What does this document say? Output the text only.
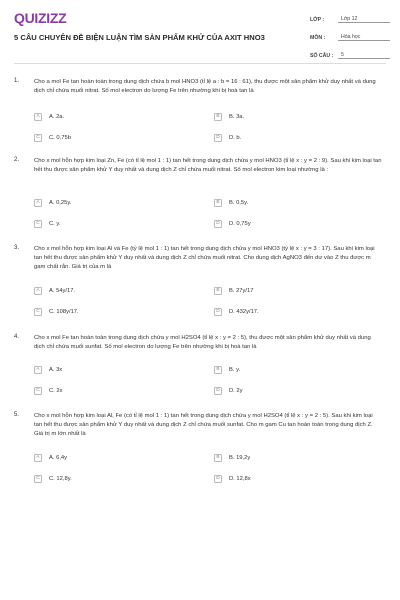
QUIZIZZ
5 CÂU CHUYÊN ĐỀ BIỆN LUẬN TÌM SẢN PHẨM KHỬ CỦA AXIT HNO3
LỚP :	Lớp 12
MÔN :	Hóa học
SỐ CÂU :	5
1.	Cho a mol Fe tan hoàn toàn trong dung dịch chứa b mol HNO3 (tỉ lệ a : b = 16 : 61), thu được một sản phẩm khử duy nhất và dung dịch chỉ chứa muối nitrat. Số mol electron do lượng Fe trên nhường khi bị hoà tan là
A	A. 2a.	B	B. 3a.
C	C. 0,75b	D	D. b.
2.	Cho x mol hỗn hợp kim loại Zn, Fe (có tỉ lệ mol 1 : 1) tan hết trong dung dịch chứa y mol HNO3 (tỉ lệ x : y = 2 : 9). Sau khi kim loại tan hết thu được sản phẩm khử Y duy nhất và dung dịch Z chỉ chứa muối nitrat. Số mol electron kim loại nhường là :
A	A. 0,25y.	B	B. 0,5y.
C	C. y.	D	D. 0,75y
3.	Cho x mol hỗn hợp kim loại Al và Fe (tỷ lệ mol 1 : 1) tan hết trong dung dịch chứa y mol HNO3 (tỷ lệ x : y = 3 : 17). Sau khi kim loại tan hết thu được sản phẩm khử Y duy nhất và dung dịch Z chỉ chứa muối nitrat. Cho dung dịch AgNO3 đến dư vào Z thu được m gam chất rắn. Giá trị của m là
A	A. 54y/17.	B	B. 27y/17
C	C. 108y/17.	D	D. 432y/17.
4.	Cho x mol Fe tan hoàn toàn trong dung dịch chứa y mol H2SO4 (tỉ lệ x : y = 2 : 5), thu được một sản phẩm khử duy nhất và dung dịch chỉ chứa muối sunfat. Số mol electron do lượng Fe trên nhường khi bị hoà tan là
A	A. 3x	B	B. y.
C	C. 2x	D	D. 2y
5.	Cho x mol hỗn hợp kim loại Al, Fe (có tỉ lệ mol 1 : 1) tan hết trong dung dịch chứa y mol H2SO4 (tỉ lệ x : y = 2 : 5). Sau khi kim loại tan hết thu được sản phẩm khử Y duy nhất và dung dịch Z chỉ chứa muối sunfat. Cho m gam Cu tan hoàn toàn trong dung dịch Z. Giá trị m lớn nhất là
A	A. 6,4y	B	B. 19,2y
C	C. 12,8y.	D	D. 12,8x
